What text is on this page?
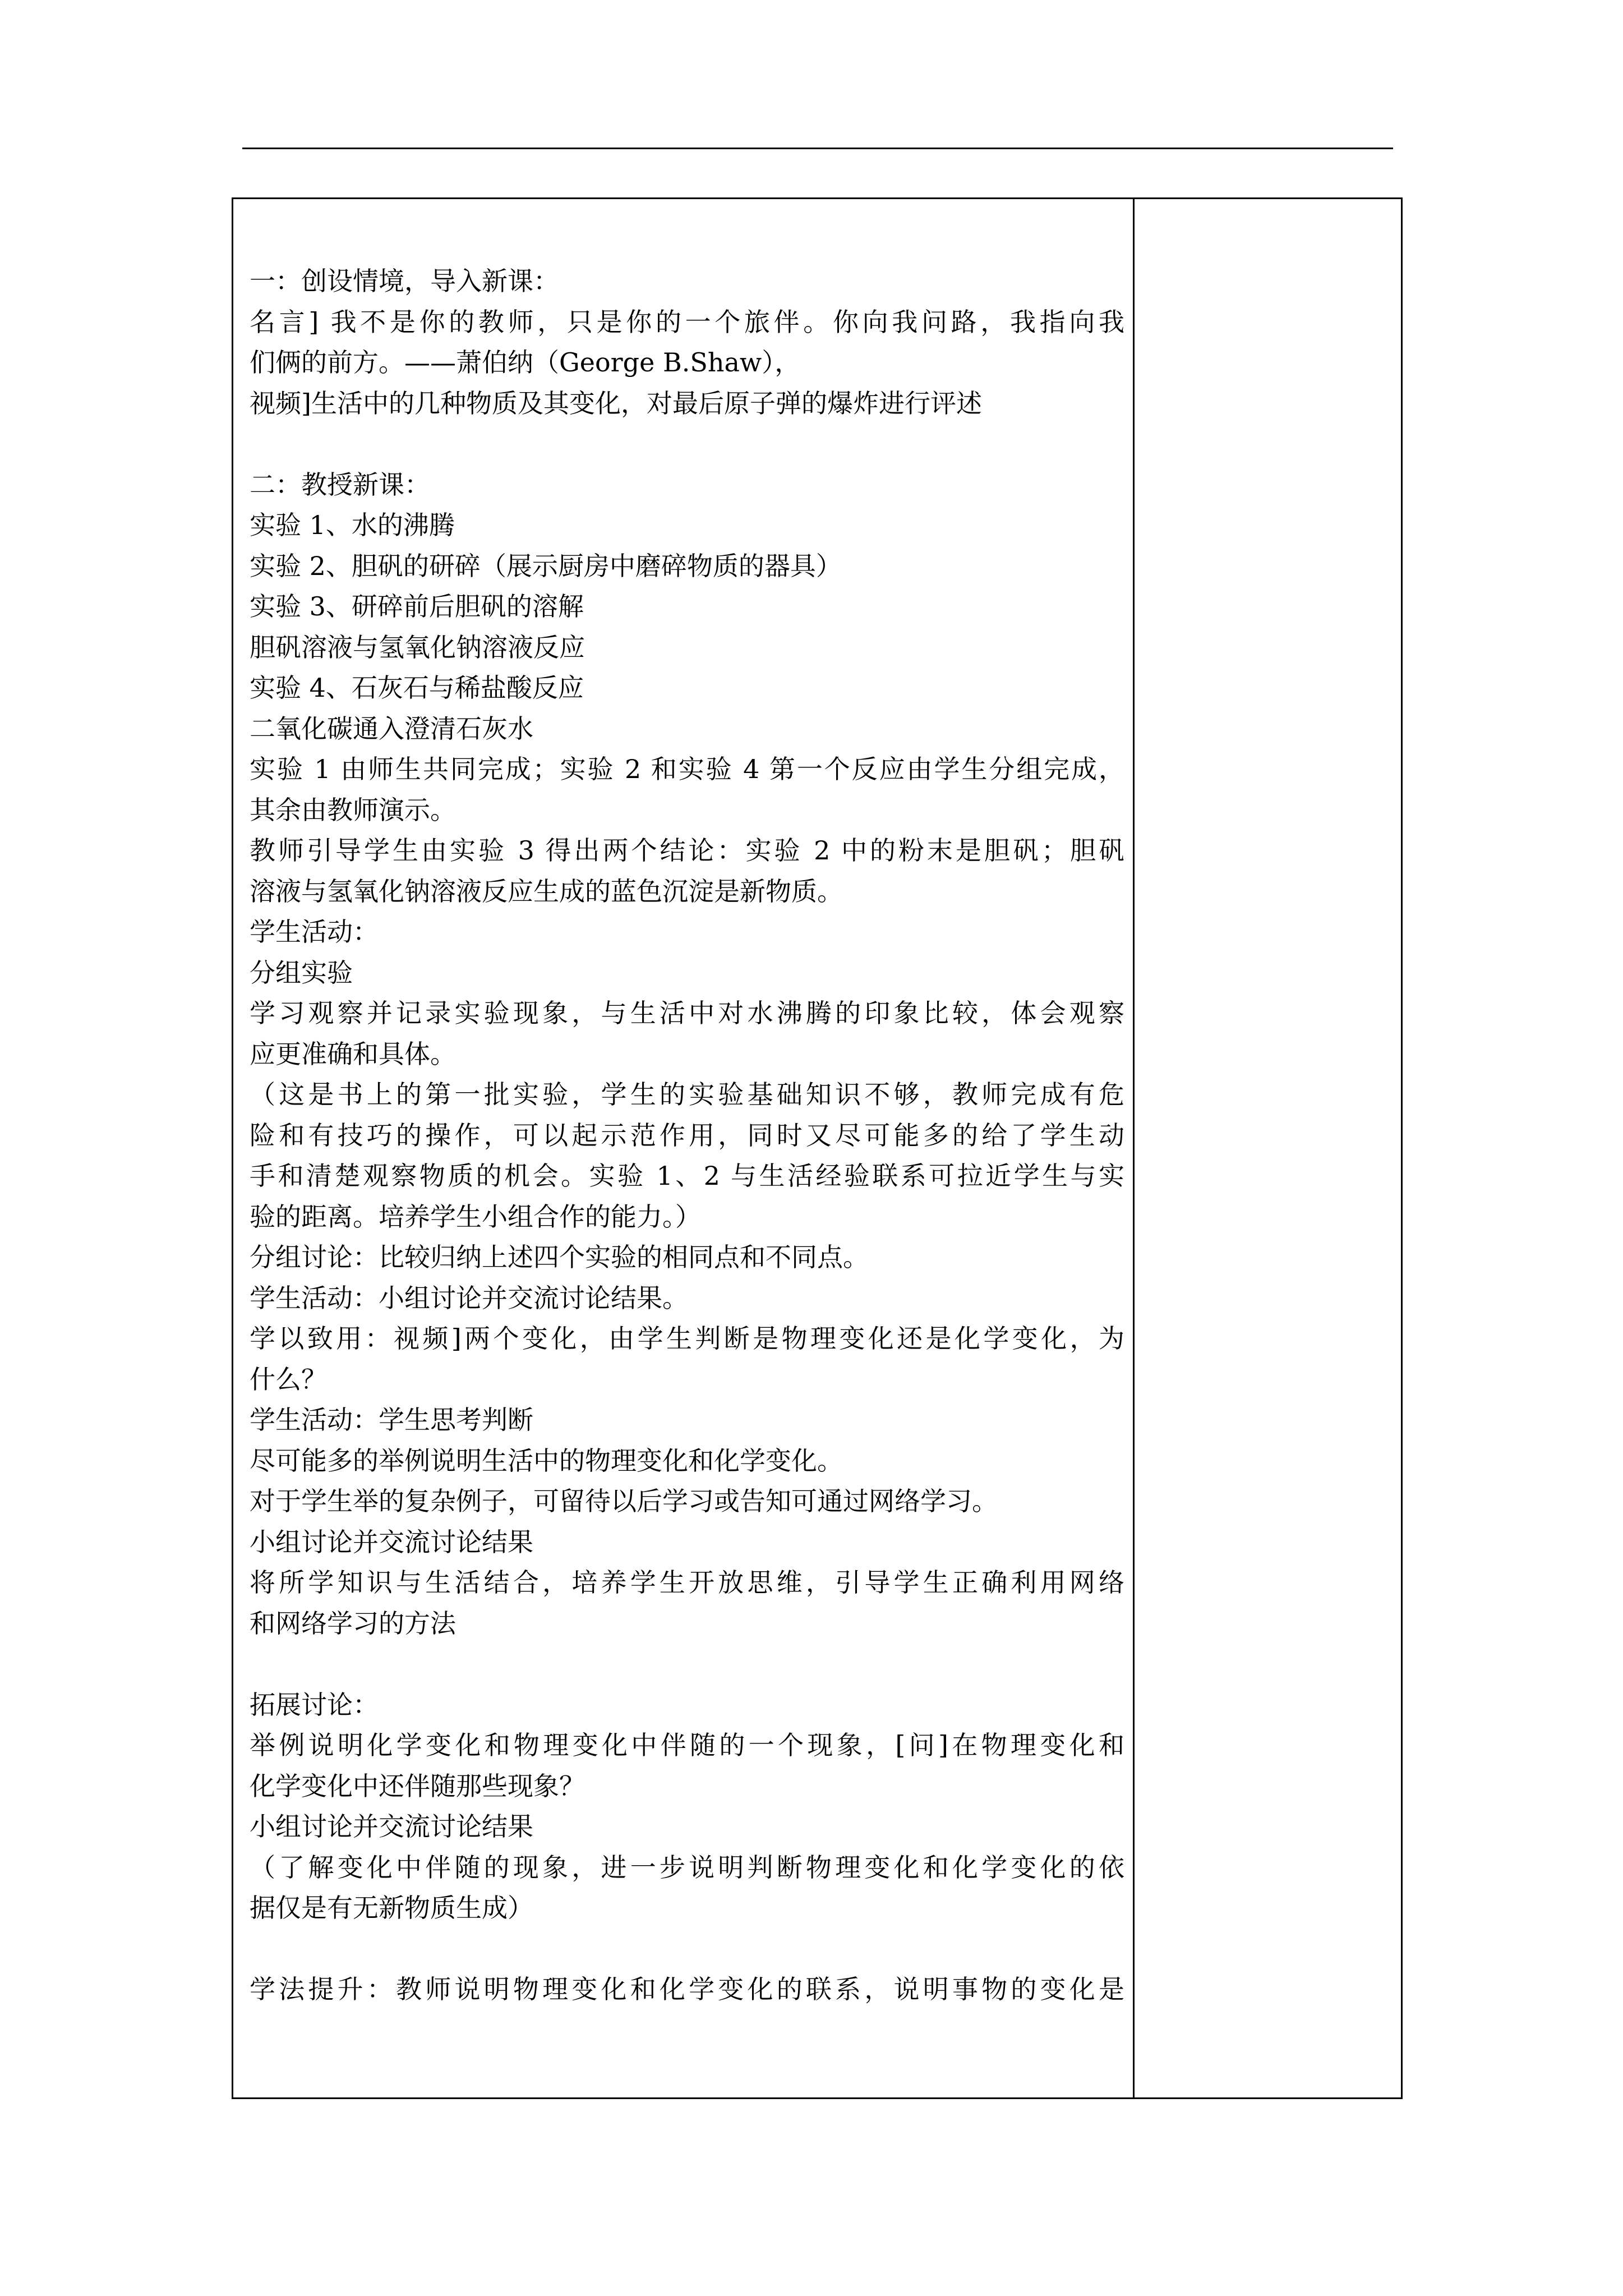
一：创设情境，导入新课：
名言] 我不是你的教师，只是你的一个旅伴。你向我问路，我指向我
们俩的前方。——萧伯纳（George B.Shaw），
视频]生活中的几种物质及其变化，对最后原子弹的爆炸进行评述
二：教授新课：
实验 1、水的沸腾
实验 2、胆矾的研碎（展示厨房中磨碎物质的器具）
实验 3、研碎前后胆矾的溶解
胆矾溶液与氢氧化钠溶液反应
实验 4、石灰石与稀盐酸反应
二氧化碳通入澄清石灰水
实验 1 由师生共同完成；实验 2 和实验 4 第一个反应由学生分组完成，
其余由教师演示。
教师引导学生由实验 3 得出两个结论：实验 2 中的粉末是胆矾；胆矾
溶液与氢氧化钠溶液反应生成的蓝色沉淀是新物质。
学生活动：
分组实验
学习观察并记录实验现象，与生活中对水沸腾的印象比较，体会观察
应更准确和具体。
（这是书上的第一批实验，学生的实验基础知识不够，教师完成有危
险和有技巧的操作，可以起示范作用，同时又尽可能多的给了学生动
手和清楚观察物质的机会。实验 1、2 与生活经验联系可拉近学生与实
验的距离。培养学生小组合作的能力。）
分组讨论：比较归纳上述四个实验的相同点和不同点。
学生活动：小组讨论并交流讨论结果。
学以致用：视频]两个变化，由学生判断是物理变化还是化学变化，为
什么？
学生活动：学生思考判断
尽可能多的举例说明生活中的物理变化和化学变化。
对于学生举的复杂例子，可留待以后学习或告知可通过网络学习。
小组讨论并交流讨论结果
将所学知识与生活结合，培养学生开放思维，引导学生正确利用网络
和网络学习的方法
拓展讨论：
举例说明化学变化和物理变化中伴随的一个现象，[问]在物理变化和
化学变化中还伴随那些现象？
小组讨论并交流讨论结果
（了解变化中伴随的现象，进一步说明判断物理变化和化学变化的依
据仅是有无新物质生成）
学法提升：教师说明物理变化和化学变化的联系，说明事物的变化是
